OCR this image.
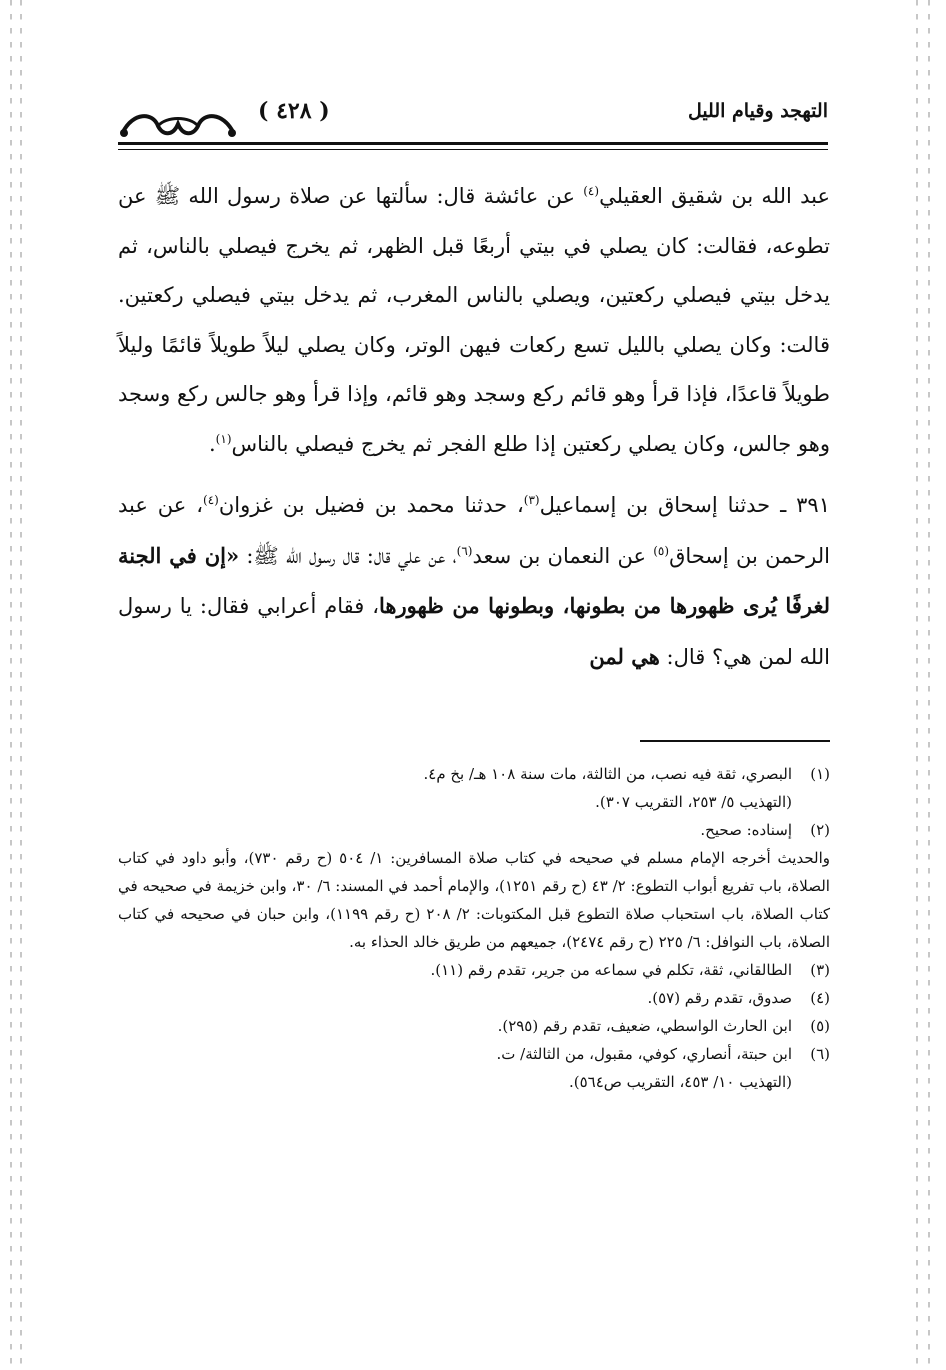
التهجد وقيام الليل
( ٤٢٨ )

عبد الله بن شقيق العقيلي$^{(٤)}$ عن عائشة قال: سألتها عن صلاة رسول الله ﷺ عن تطوعه، فقالت: كان يصلي في بيتي أربعًا قبل الظهر، ثم يخرج فيصلي بالناس، ثم يدخل بيتي فيصلي ركعتين، ويصلي بالناس المغرب، ثم يدخل بيتي فيصلي ركعتين. قالت: وكان يصلي بالليل تسع ركعات فيهن الوتر، وكان يصلي ليلاً طويلاً قائمًا وليلاً طويلاً قاعدًا، فإذا قرأ وهو قائم ركع وسجد وهو قائم، وإذا قرأ وهو جالس ركع وسجد وهو جالس، وكان يصلي ركعتين إذا طلع الفجر ثم يخرج فيصلي بالناس$^{(١)}$.

٣٩١ ـ حدثنا إسحاق بن إسماعيل$^{(٣)}$، حدثنا محمد بن فضيل بن غزوان$^{(٤)}$، عن عبد الرحمن بن إسحاق$^{(٥)}$ عن النعمان بن سعد$^{(٦)}$، عن علي قال: قال رسول الله ﷺ: «إن في الجنة لغرفًا يُرى ظهورها من بطونها، وبطونها من ظهورها، فقام أعرابي فقال: يا رسول الله لمن هي؟ قال: هي لمن

(١)
البصري، ثقة فيه نصب، من الثالثة، مات سنة ١٠٨ هـ/ بخ م٤.
(التهذيب ٥/ ٢٥٣، التقريب ٣٠٧).
(٢)
إسناده: صحيح.
والحديث أخرجه الإمام مسلم في صحيحه في كتاب صلاة المسافرين: ١/ ٥٠٤ (ح رقم ٧٣٠)، وأبو داود في كتاب الصلاة، باب تفريع أبواب التطوع: ٢/ ٤٣ (ح رقم ١٢٥١)، والإمام أحمد في المسند: ٦/ ٣٠، وابن خزيمة في صحيحه في كتاب الصلاة، باب استحباب صلاة التطوع قبل المكتوبات: ٢/ ٢٠٨ (ح رقم ١١٩٩)، وابن حبان في صحيحه في كتاب الصلاة، باب النوافل: ٦/ ٢٢٥ (ح رقم ٢٤٧٤)، جميعهم من طريق خالد الحذاء به.
(٣)
الطالقاني، ثقة، تكلم في سماعه من جرير، تقدم رقم (١١).
(٤)
صدوق، تقدم رقم (٥٧).
(٥)
ابن الحارث الواسطي، ضعيف، تقدم رقم (٢٩٥).
(٦)
ابن حبتة، أنصاري، كوفي، مقبول، من الثالثة/ ت.
(التهذيب ١٠/ ٤٥٣، التقريب ص٥٦٤).
